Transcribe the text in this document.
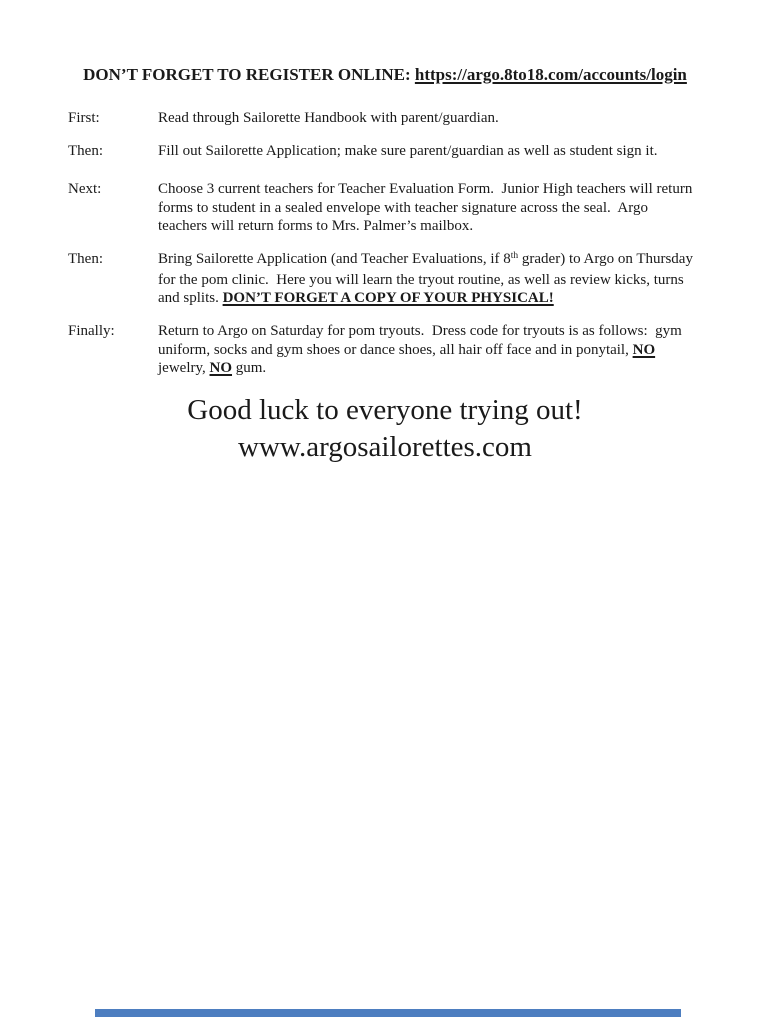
DON’T FORGET TO REGISTER ONLINE: https://argo.8to18.com/accounts/login
First:	Read through Sailorette Handbook with parent/guardian.
Then:	Fill out Sailorette Application; make sure parent/guardian as well as student sign it.
Next:	Choose 3 current teachers for Teacher Evaluation Form.  Junior High teachers will return
forms to student in a sealed envelope with teacher signature across the seal.  Argo
teachers will return forms to Mrs. Palmer’s mailbox.
Then:	Bring Sailorette Application (and Teacher Evaluations, if 8th grader) to Argo on Thursday
for the pom clinic.  Here you will learn the tryout routine, as well as review kicks, turns
and splits. DON’T FORGET A COPY OF YOUR PHYSICAL!
Finally:	Return to Argo on Saturday for pom tryouts.  Dress code for tryouts is as follows:  gym
uniform, socks and gym shoes or dance shoes, all hair off face and in ponytail, NO
jewelry, NO gum.
Good luck to everyone trying out!
www.argosailorettes.com
